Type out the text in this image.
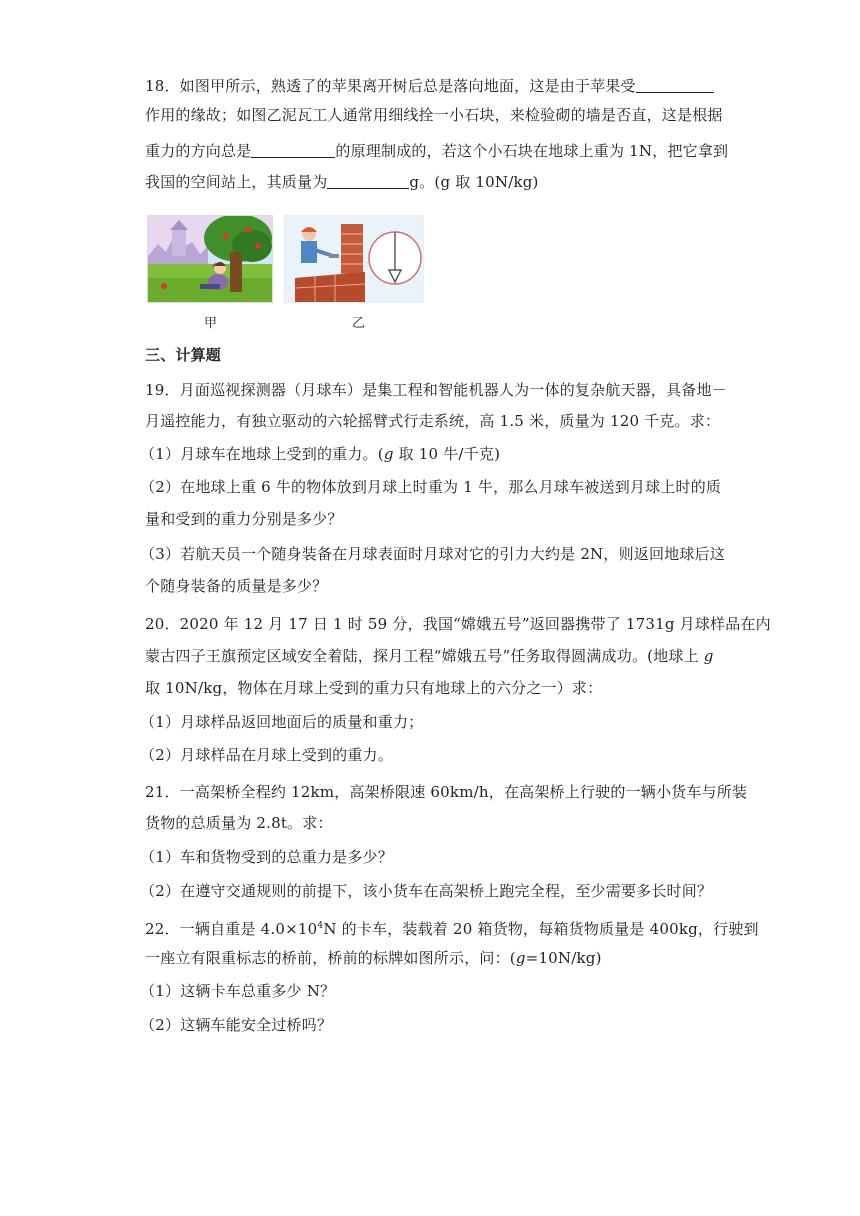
18．如图甲所示，熟透了的苹果离开树后总是落向地面，这是由于苹果受
作用的缘故；如图乙泥瓦工人通常用细线拴一小石块，来检验砌的墙是否直，这是根据
重力的方向总是	的原理制成的，若这个小石块在地球上重为 1N，把它拿到
我国的空间站上，其质量为	g。(g 取 10N/kg)
甲	乙
三、计算题
19．月面巡视探测器（月球车）是集工程和智能机器人为一体的复杂航天器，具备地－
月遥控能力，有独立驱动的六轮摇臂式行走系统，高 1.5 米，质量为 120 千克。求：
（1）月球车在地球上受到的重力。(g 取 10 牛/千克)
（2）在地球上重 6 牛的物体放到月球上时重为 1 牛，那么月球车被送到月球上时的质
量和受到的重力分别是多少？
（3）若航天员一个随身装备在月球表面时月球对它的引力大约是 2N，则返回地球后这
个随身装备的质量是多少？
20．2020 年 12 月 17 日 1 时 59 分，我国“嫦娥五号”返回器携带了 1731g 月球样品在内
蒙古四子王旗预定区域安全着陆，探月工程“嫦娥五号”任务取得圆满成功。(地球上 g
取 10N/kg，物体在月球上受到的重力只有地球上的六分之一）求：
（1）月球样品返回地面后的质量和重力；
（2）月球样品在月球上受到的重力。
21．一高架桥全程约 12km，高架桥限速 60km/h，在高架桥上行驶的一辆小货车与所装
货物的总质量为 2.8t。求：
（1）车和货物受到的总重力是多少？
（2）在遵守交通规则的前提下，该小货车在高架桥上跑完全程，至少需要多长时间？
22．一辆自重是 $4.0\times 10^4N$ 的卡车，装载着 20 箱货物，每箱货物质量是 400kg，行驶到
一座立有限重标志的桥前，桥前的标牌如图所示，问：(g=10N/kg)
（1）这辆卡车总重多少 N？
（2）这辆车能安全过桥吗？
